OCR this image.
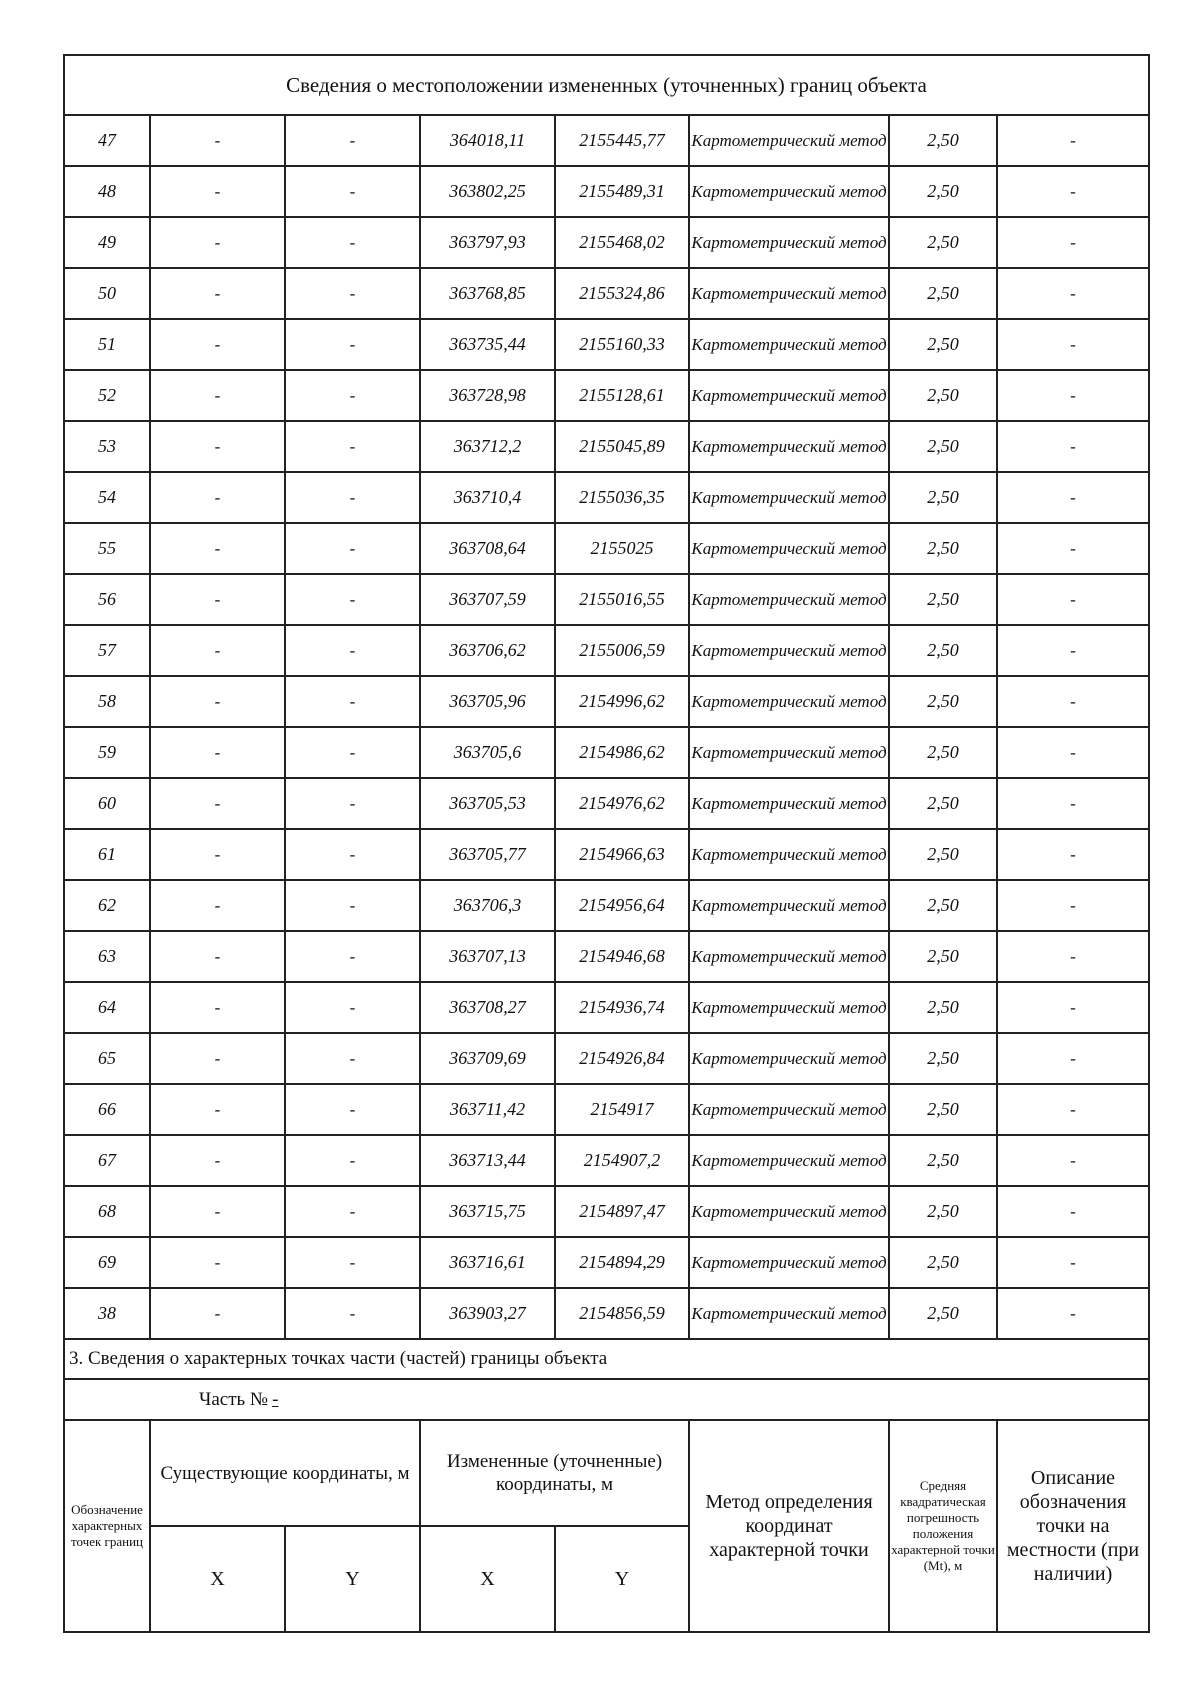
Сведения о местоположении измененных (уточненных) границ объекта							
47	-	-	364018,11	2155445,77	Картометрический метод	2,50	-
48	-	-	363802,25	2155489,31	Картометрический метод	2,50	-
49	-	-	363797,93	2155468,02	Картометрический метод	2,50	-
50	-	-	363768,85	2155324,86	Картометрический метод	2,50	-
51	-	-	363735,44	2155160,33	Картометрический метод	2,50	-
52	-	-	363728,98	2155128,61	Картометрический метод	2,50	-
53	-	-	363712,2	2155045,89	Картометрический метод	2,50	-
54	-	-	363710,4	2155036,35	Картометрический метод	2,50	-
55	-	-	363708,64	2155025	Картометрический метод	2,50	-
56	-	-	363707,59	2155016,55	Картометрический метод	2,50	-
57	-	-	363706,62	2155006,59	Картометрический метод	2,50	-
58	-	-	363705,96	2154996,62	Картометрический метод	2,50	-
59	-	-	363705,6	2154986,62	Картометрический метод	2,50	-
60	-	-	363705,53	2154976,62	Картометрический метод	2,50	-
61	-	-	363705,77	2154966,63	Картометрический метод	2,50	-
62	-	-	363706,3	2154956,64	Картометрический метод	2,50	-
63	-	-	363707,13	2154946,68	Картометрический метод	2,50	-
64	-	-	363708,27	2154936,74	Картометрический метод	2,50	-
65	-	-	363709,69	2154926,84	Картометрический метод	2,50	-
66	-	-	363711,42	2154917	Картометрический метод	2,50	-
67	-	-	363713,44	2154907,2	Картометрический метод	2,50	-
68	-	-	363715,75	2154897,47	Картометрический метод	2,50	-
69	-	-	363716,61	2154894,29	Картометрический метод	2,50	-
38	-	-	363903,27	2154856,59	Картометрический метод	2,50	-
3. Сведения о характерных точках части (частей) границы объекта							
Часть № -							
Обозначение характерных точек границ	Существующие координаты, м		Измененные (уточненные) координаты, м		Метод определения координат характерной точки	Средняя квадратическая погрешность положения характерной точки (Mt), м	Описание обозначения точки на местности (при наличии)
	X	Y	X	Y			
